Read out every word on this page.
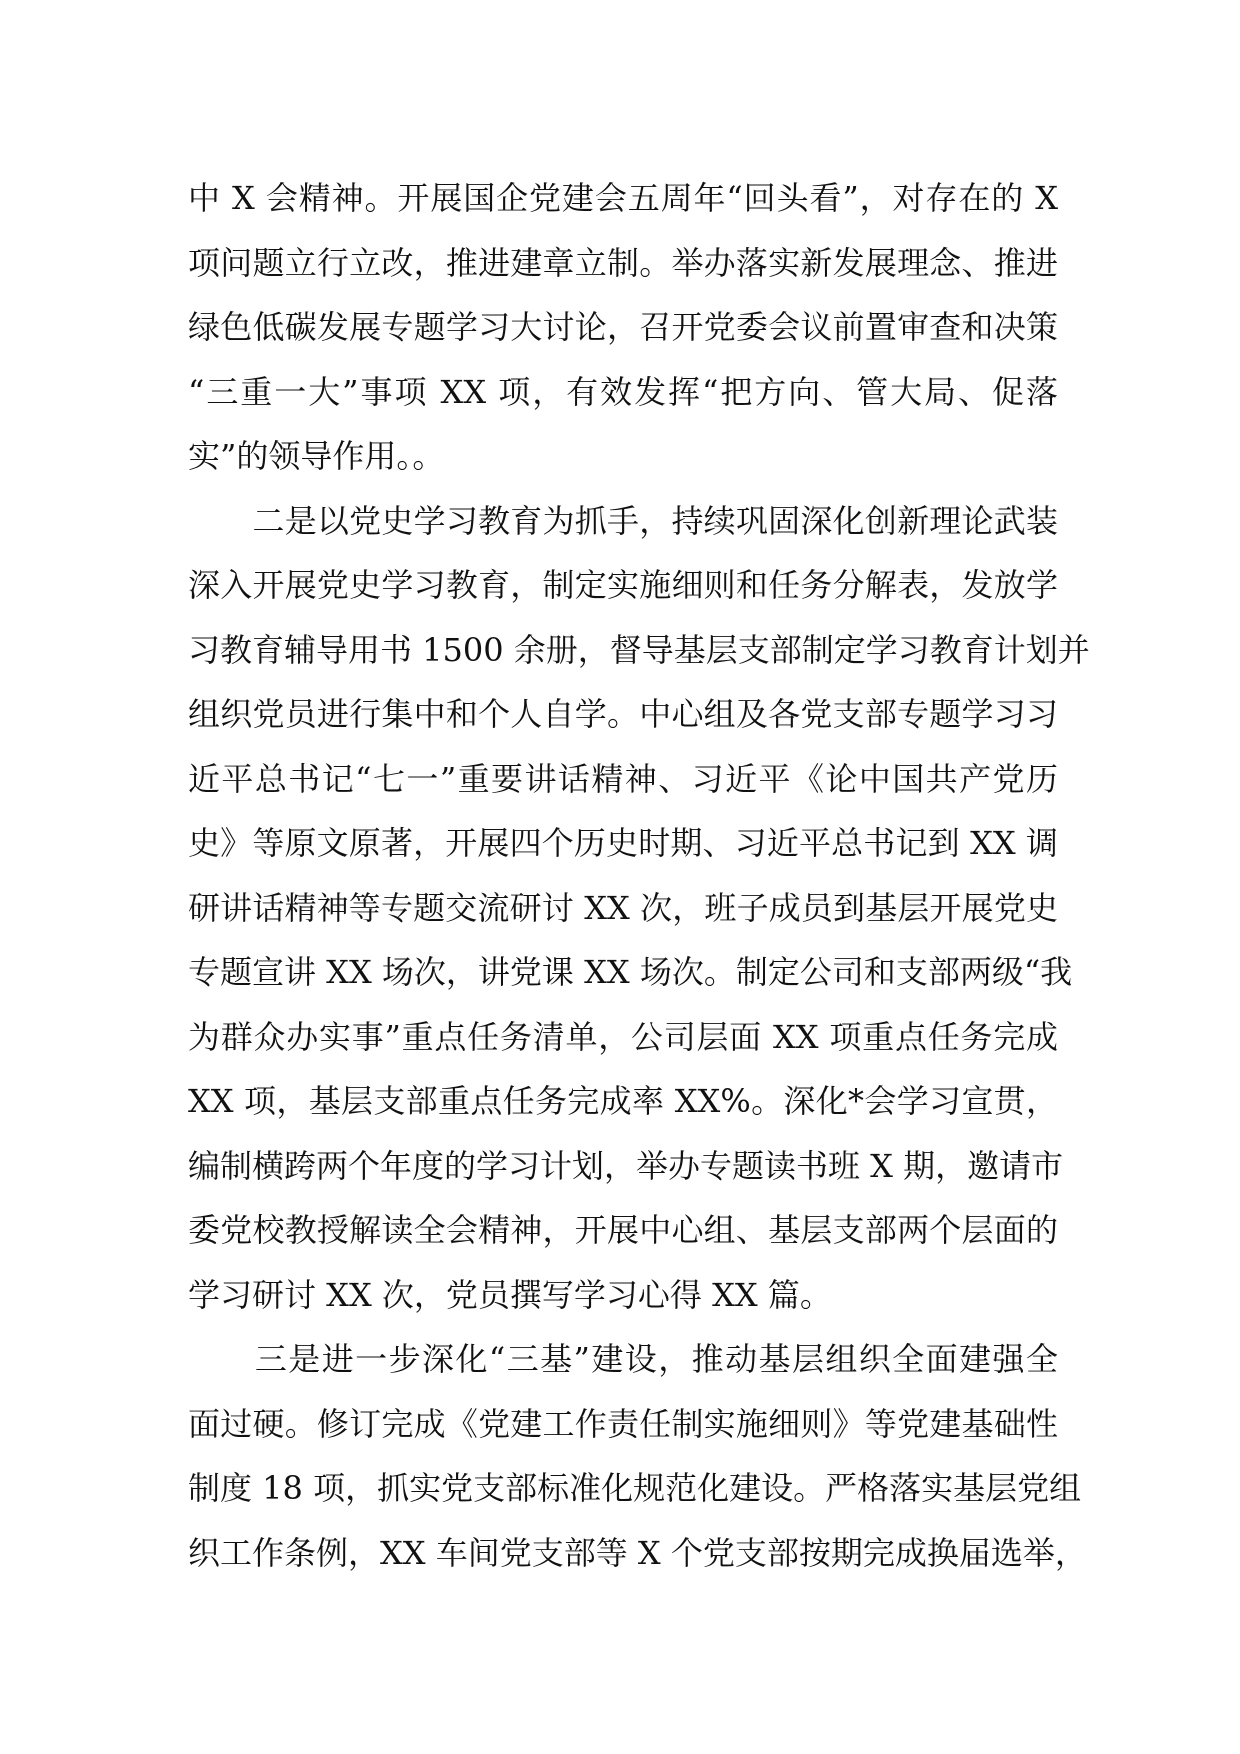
中 X 会精神。开展国企党建会五周年“回头看”，对存在的 X
项问题立行立改，推进建章立制。举办落实新发展理念、推进
绿色低碳发展专题学习大讨论，召开党委会议前置审查和决策
“三重一大”事项 XX 项，有效发挥“把方向、管大局、促落
实”的领导作用。。
　　二是以党史学习教育为抓手，持续巩固深化创新理论武装
深入开展党史学习教育，制定实施细则和任务分解表，发放学
习教育辅导用书 1500 余册，督导基层支部制定学习教育计划并
组织党员进行集中和个人自学。中心组及各党支部专题学习习
近平总书记“七一”重要讲话精神、习近平《论中国共产党历
史》等原文原著，开展四个历史时期、习近平总书记到 XX 调
研讲话精神等专题交流研讨 XX 次，班子成员到基层开展党史
专题宣讲 XX 场次，讲党课 XX 场次。制定公司和支部两级“我
为群众办实事”重点任务清单，公司层面 XX 项重点任务完成
XX 项，基层支部重点任务完成率 XX%。深化*会学习宣贯，
编制横跨两个年度的学习计划，举办专题读书班 X 期，邀请市
委党校教授解读全会精神，开展中心组、基层支部两个层面的
学习研讨 XX 次，党员撰写学习心得 XX 篇。
　　三是进一步深化“三基”建设，推动基层组织全面建强全
面过硬。修订完成《党建工作责任制实施细则》等党建基础性
制度 18 项，抓实党支部标准化规范化建设。严格落实基层党组
织工作条例，XX 车间党支部等 X 个党支部按期完成换届选举，
